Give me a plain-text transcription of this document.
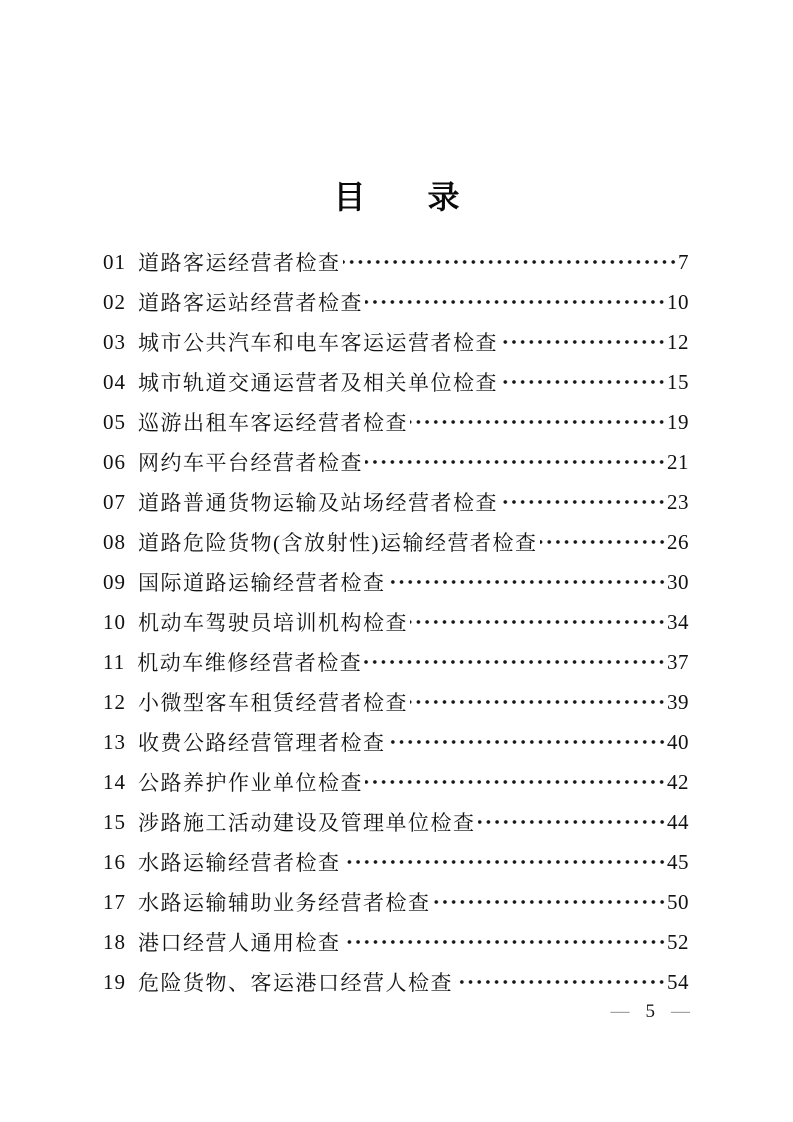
目 录
01 道路客运经营者检查	7
02 道路客运站经营者检查	10
03 城市公共汽车和电车客运运营者检查	12
04 城市轨道交通运营者及相关单位检查	15
05 巡游出租车客运经营者检查	19
06 网约车平台经营者检查	21
07 道路普通货物运输及站场经营者检查	23
08 道路危险货物(含放射性)运输经营者检查	26
09 国际道路运输经营者检查	30
10 机动车驾驶员培训机构检查	34
11 机动车维修经营者检查	37
12 小微型客车租赁经营者检查	39
13 收费公路经营管理者检查	40
14 公路养护作业单位检查	42
15 涉路施工活动建设及管理单位检查	44
16 水路运输经营者检查	45
17 水路运输辅助业务经营者检查	50
18 港口经营人通用检查	52
19 危险货物、客运港口经营人检查	54
— 5 —
